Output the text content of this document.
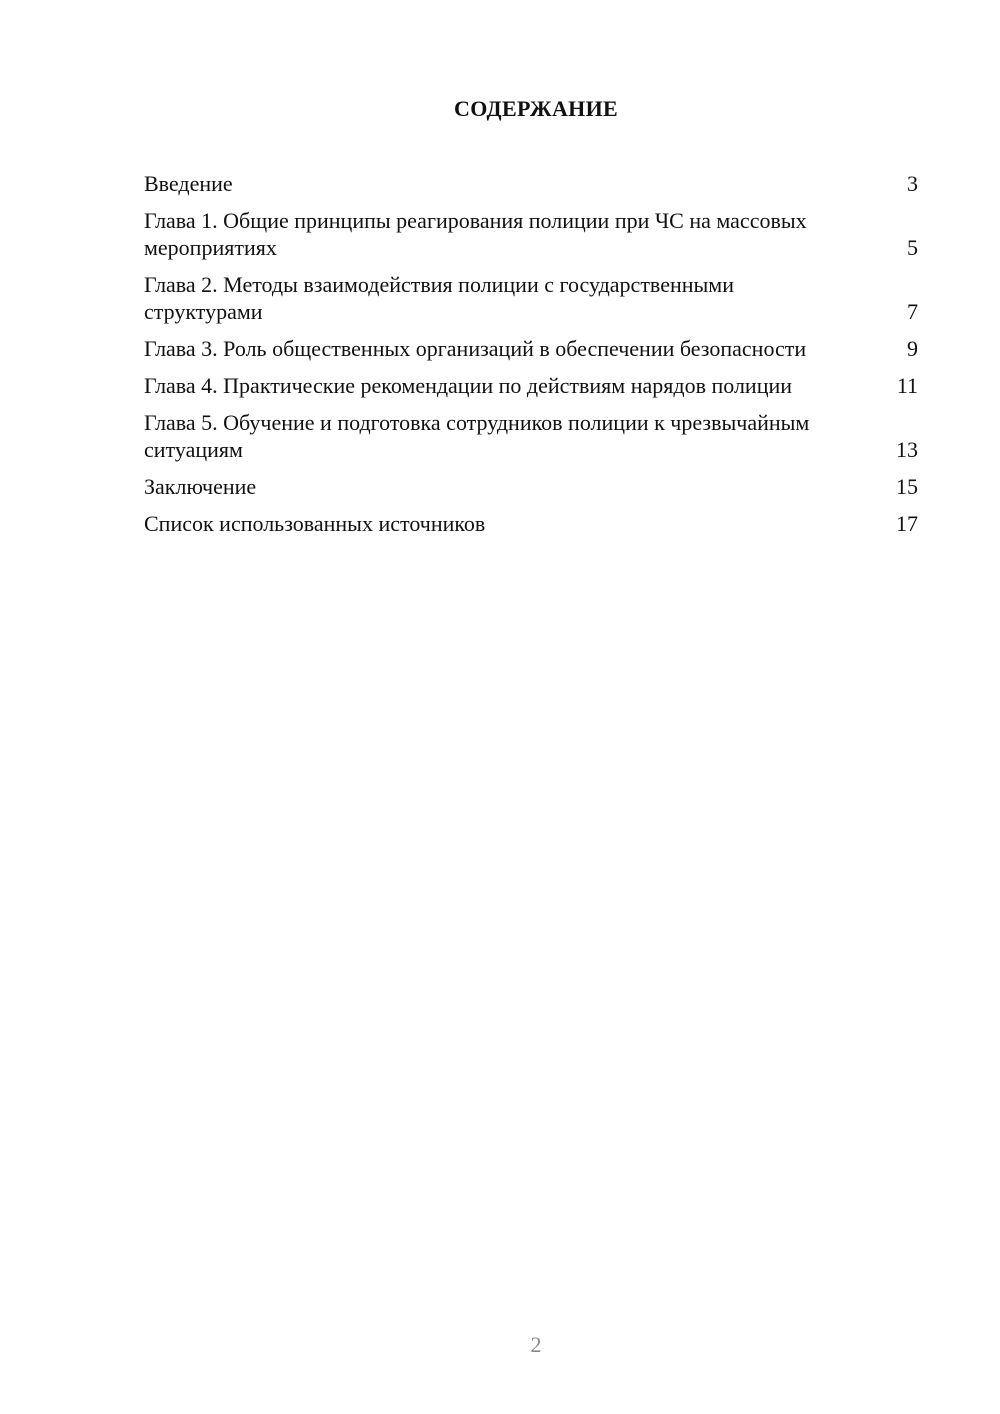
СОДЕРЖАНИЕ
Введение	3
Глава 1. Общие принципы реагирования полиции при ЧС на массовых мероприятиях	5
Глава 2. Методы взаимодействия полиции с государственными структурами	7
Глава 3. Роль общественных организаций в обеспечении безопасности	9
Глава 4. Практические рекомендации по действиям нарядов полиции	11
Глава 5. Обучение и подготовка сотрудников полиции к чрезвычайным ситуациям	13
Заключение	15
Список использованных источников	17
2
